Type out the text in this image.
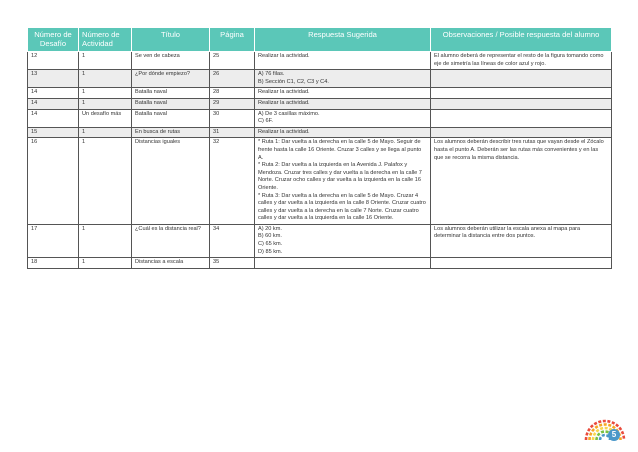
Número de Desafío	Número de Actividad	Título	Página	Respuesta Sugerida	Observaciones / Posible respuesta del alumno
12	1	Se ven de cabeza	25	Realizar la actividad.	El alumno deberá de representar el resto de la figura tomando como eje de simetría las líneas de color azul y rojo.
13	1	¿Por dónde empiezo?	26	A) 76 filas.
B) Sección C1, C2, C3 y C4.	
14	1	Batalla naval	28	Realizar la actividad.	
14	1	Batalla naval	29	Realizar la actividad.	
14	Un desafío más	Batalla naval	30	A) De 3 casillas máximo.
C) 6F.	
15	1	En busca de rutas	31	Realizar la actividad.	
16	1	Distancias iguales	32	* Ruta 1: Dar vuelta a la derecha en la calle 5 de Mayo. Seguir de frente hasta la calle 16 Oriente. Cruzar 3 calles y se llega al punto A.
* Ruta 2: Dar vuelta a la izquierda en la Avenida J. Palafox y Mendoza. Cruzar tres calles y dar vuelta a la derecha en la calle 7 Norte. Cruzar ocho calles y dar vuelta a la izquierda en la calle 16 Oriente.
* Ruta 3: Dar vuelta a la derecha en la calle 5 de Mayo. Cruzar 4 calles y dar vuelta a la izquierda en la calle 8 Oriente. Cruzar cuatro calles y dar vuelta a la derecha en la calle 7 Norte. Cruzar cuatro calles y dar vuelta a la izquierda en la calle 16 Oriente.	Los alumnos deberán describir tres rutas que vayan desde el Zócalo hasta el punto A. Deberán ser las rutas más convenientes y en las que se recorra la misma distancia.
17	1	¿Cuál es la distancia real?	34	A) 20 km.
B) 60 km.
C) 65 km.
D) 85 km.	Los alumnos deberán utilizar la escala anexa al mapa para determinar la distancia entre dos puntos.
18	1	Distancias a escala	35		
5
